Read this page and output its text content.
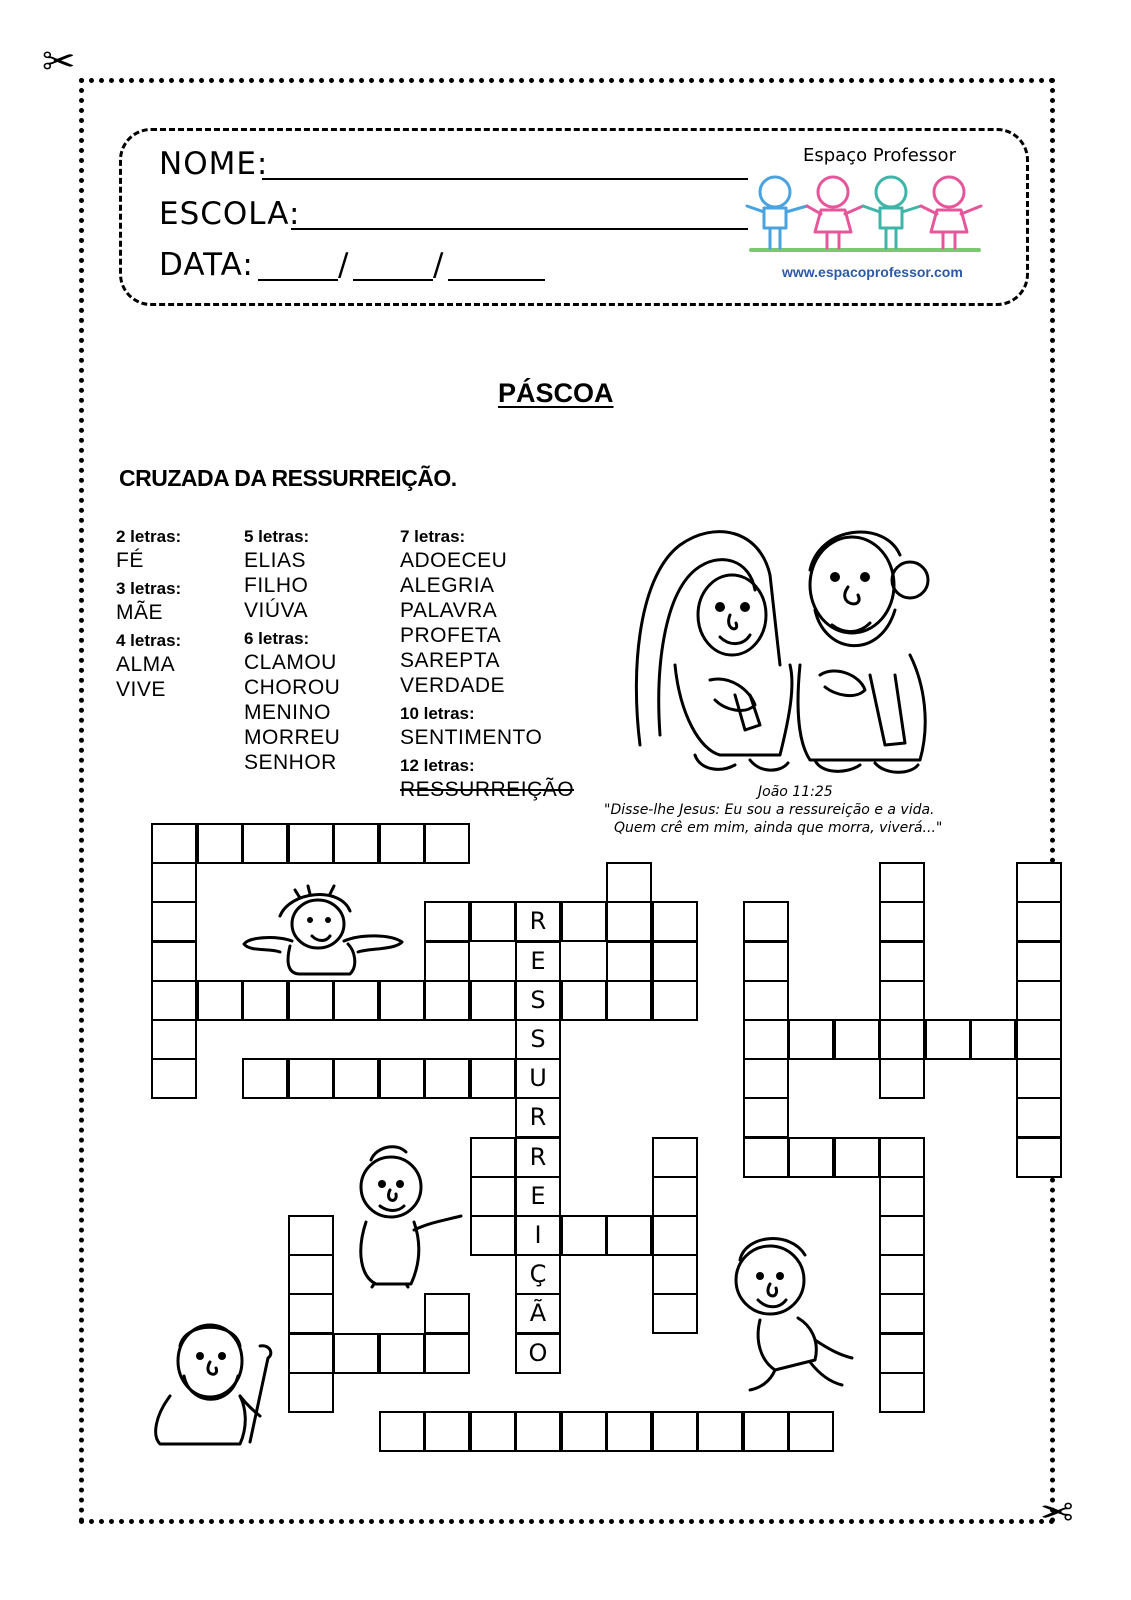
✂
✂
NOME:
ESCOLA:
DATA:	/	/
Espaço Professor
www.espacoprofessor.com
PÁSCOA
CRUZADA DA RESSURREIÇÃO.
2 letras:
FÉ
3 letras:
MÃE
4 letras:
ALMA
VIVE
5 letras:
ELIAS
FILHO
VIÚVA
6 letras:
CLAMOU
CHOROU
MENINO
MORREU
SENHOR
7 letras:
ADOECEU
ALEGRIA
PALAVRA
PROFETA
SAREPTA
VERDADE
10 letras:
SENTIMENTO
12 letras:
RESSURREIÇÃO	João 11:25
"Disse-lhe Jesus: Eu sou a ressureição e a vida.
Quem crê em mim, ainda que morra, viverá..."
R
E
S
S
U
R
R
E
I
Ç
Ã
O
